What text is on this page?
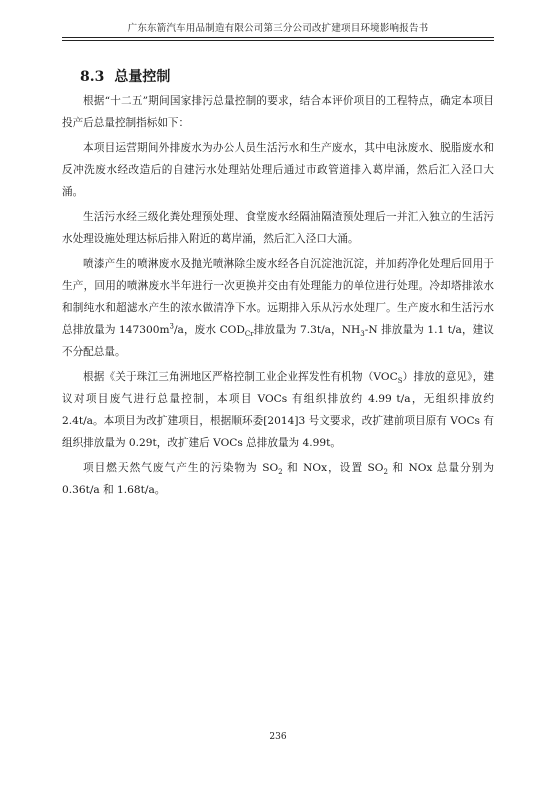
广东东箭汽车用品制造有限公司第三分公司改扩建项目环境影响报告书
8.3 总量控制

根据“十二五”期间国家排污总量控制的要求，结合本评价项目的工程特点，确定本项目投产后总量控制指标如下：

本项目运营期间外排废水为办公人员生活污水和生产废水，其中电泳废水、脱脂废水和反冲洗废水经改造后的自建污水处理站处理后通过市政管道排入葛岸涌，然后汇入泾口大涌。

生活污水经三级化粪处理预处理、食堂废水经隔油隔渣预处理后一并汇入独立的生活污水处理设施处理达标后排入附近的葛岸涌，然后汇入泾口大涌。

喷漆产生的喷淋废水及抛光喷淋除尘废水经各自沉淀池沉淀，并加药净化处理后回用于生产，回用的喷淋废水半年进行一次更换并交由有处理能力的单位进行处理。冷却塔排浓水和制纯水和超滤水产生的浓水做清净下水。远期排入乐从污水处理厂。生产废水和生活污水总排放量为 $147300m^3/a$，废水 $COD_{Cr}$排放量为 7.3t/a，$NH_3-N$ 排放量为 1.1 t/a，建议不分配总量。

根据《关于珠江三角洲地区严格控制工业企业挥发性有机物$(VOC_S)$排放的意见》，建议对项目废气进行总量控制，本项目 VOCs 有组织排放约 4.99 t/a，无组织排放约 2.4t/a。本项目为改扩建项目，根据顺环委[2014]3 号文要求，改扩建前项目原有 VOCs 有组织排放量为 0.29t，改扩建后 VOCs 总排放量为 4.99t。

项目燃天然气废气产生的污染物为 $SO_2$ 和 NOx，设置 $SO_2$ 和 NOx 总量分别为 0.36t/a 和 1.68t/a。

236
